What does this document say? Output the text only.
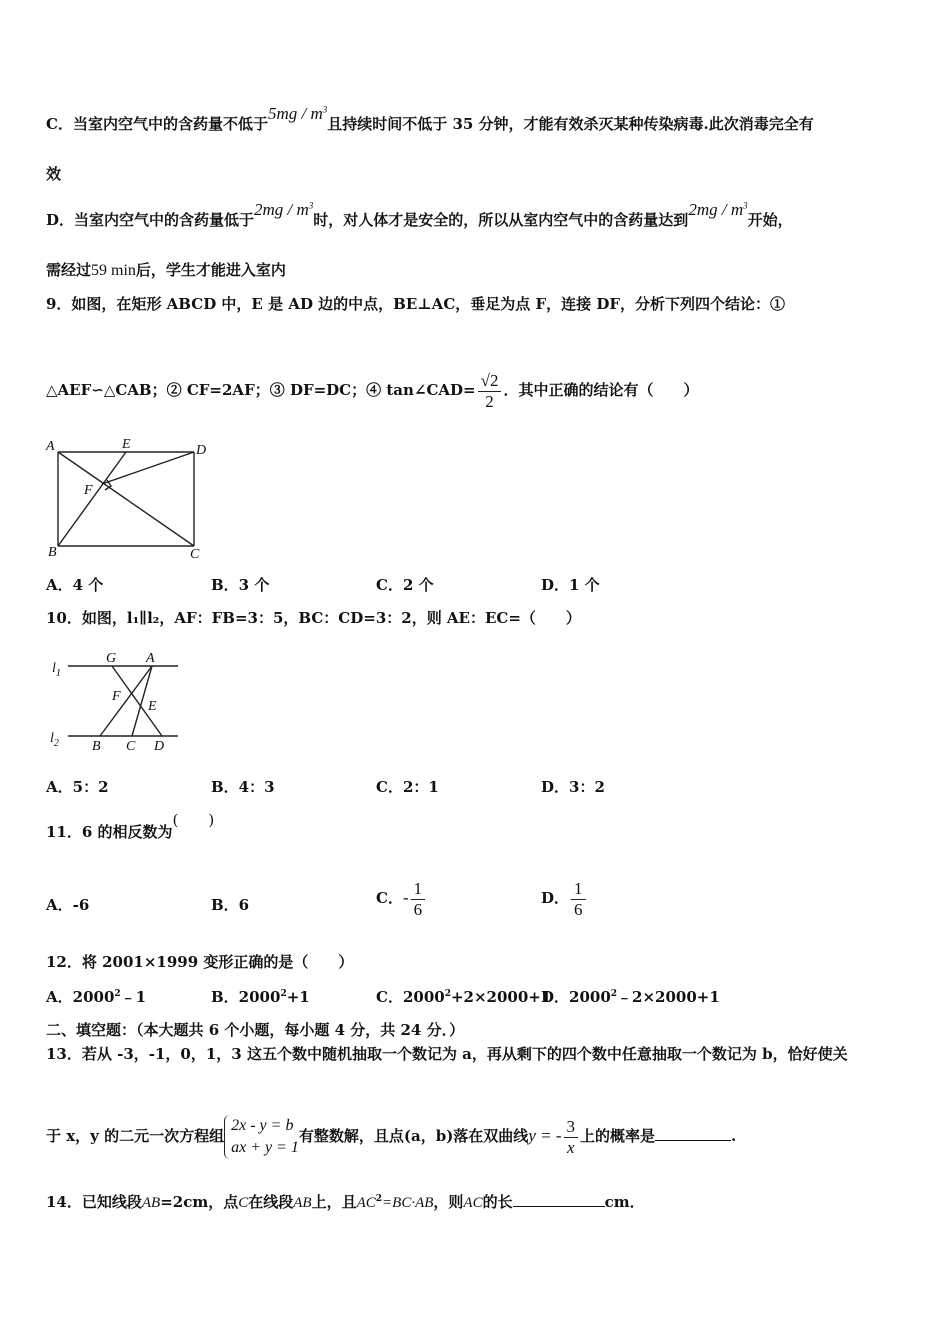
C．当室内空气中的含药量不低于$5mg / m^3$且持续时间不低于 35 分钟，才能有效杀灭某种传染病毒.此次消毒完全有
效
D．当室内空气中的含药量低于$2mg / m^3$时，对人体才是安全的，所以从室内空气中的含药量达到$2mg / m^3$开始，
需经过59 min后，学生才能进入室内
9．如图，在矩形 ABCD 中，E 是 AD 边的中点，BE⊥AC，垂足为点 F，连接 DF，分析下列四个结论：①
△AEF∽△CAB；② CF=2AF；③ DF=DC；④ tan∠CAD= $\frac{√2}{2}$ ．其中正确的结论有（　　）
A	E	D
F
B	C
A．4 个	B．3 个	C．2 个	D．1 个
10．如图，l₁∥l₂，AF：FB=3：5，BC：CD=3：2，则 AE：EC=（　　）
$l_1$
$l_2$
G A
F
E
B C D
A．5：2	B．4：3	C．2：1	D．3：2
11．6 的相反数为(　　)
A．-6	B．6	C．- $\frac{1}{6}$	D． $\frac{1}{6}$
12．将 2001×1999 变形正确的是（　　）
A．2000$^2$﹣1	B．$2000^2+1$	C．$2000^2+2\times 2000+1$
D．$2000^2﹣2\times 2000+1$
二、填空题：（本大题共 6 个小题，每小题 4 分，共 24 分．）
13．若从 -3，-1，0，1，3 这五个数中随机抽取一个数记为 a，再从剩下的四个数中任意抽取一个数记为 b，恰好使关
于 x，y 的二元一次方程组
2x - y = b
ax + y = 1
有整数解，且点(a，b)落在双曲线y = - $\frac{3}{x}$ 上的概率是	.
14．已知线段AB=2cm，点C在线段AB上，且$AC^2=BC\cdot AB$，则AC的长	cm．
